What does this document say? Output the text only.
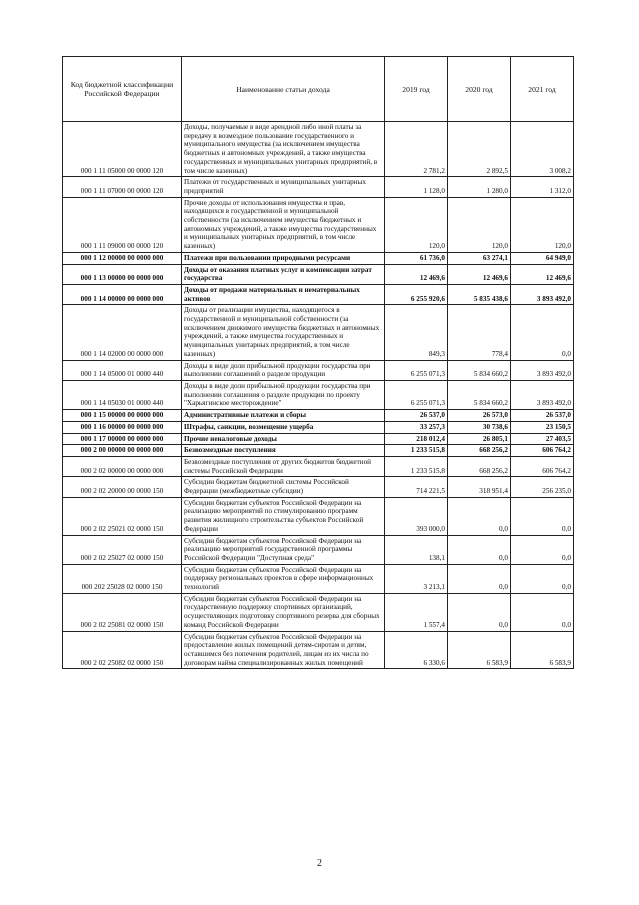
Код бюджетной классификации Российской Федерации	Наименование статьи дохода	2019 год	2020 год	2021 год
000 1 11 05000 00 0000 120	Доходы, получаемые в виде арендной либо иной платы за передачу в возмездное пользование государственного и муниципального имущества (за исключением имущества бюджетных и автономных учреждений, а также имущества государственных и муниципальных унитарных предприятий, в том числе казенных)	2 781,2	2 892,5	3 008,2
000 1 11 07000 00 0000 120	Платежи от государственных и муниципальных унитарных предприятий	1 128,0	1 280,0	1 312,0
000 1 11 09000 00 0000 120	Прочие доходы от использования имущества и прав, находящихся в государственной и муниципальной собственности (за исключением имущества бюджетных и автономных учреждений, а также имущества государственных и муниципальных унитарных предприятий, в том числе казенных)	120,0	120,0	120,0
000 1 12 00000 00 0000 000	Платежи при пользовании природными ресурсами	61 736,0	63 274,1	64 949,0
000 1 13 00000 00 0000 000	Доходы от оказания платных услуг и компенсации затрат государства	12 469,6	12 469,6	12 469,6
000 1 14 00000 00 0000 000	Доходы от продажи материальных и нематериальных активов	6 255 920,6	5 835 438,6	3 893 492,0
000 1 14 02000 00 0000 000	Доходы от реализации имущества, находящегося в государственной и муниципальной собственности (за исключением движимого имущества бюджетных и автономных учреждений, а также имущества государственных и муниципальных унитарных предприятий, в том числе казенных)	849,3	778,4	0,0
000 1 14 05000 01 0000 440	Доходы в виде доли прибыльной продукции государства при выполнении соглашений о разделе продукции	6 255 071,3	5 834 660,2	3 893 492,0
000 1 14 05030 01 0000 440	Доходы в виде доли прибыльной продукции государства при выполнении соглашения о разделе продукции по проекту "Харьягинское месторождение"	6 255 071,3	5 834 660,2	3 893 492,0
000 1 15 00000 00 0000 000	Административные платежи и сборы	26 537,0	26 573,0	26 537,0
000 1 16 00000 00 0000 000	Штрафы, санкции, возмещение ущерба	33 257,3	30 738,6	23 150,5
000 1 17 00000 00 0000 000	Прочие неналоговые доходы	218 012,4	26 805,1	27 403,5
000 2 00 00000 00 0000 000	Безвозмездные поступления	1 233 515,8	668 256,2	606 764,2
000 2 02 00000 00 0000 000	Безвозмездные поступления от других бюджетов бюджетной системы Российской Федерации	1 233 515,8	668 256,2	606 764,2
000 2 02 20000 00 0000 150	Субсидии бюджетам бюджетной системы Российской Федерации (межбюджетные субсидии)	714 221,5	318 951,4	256 235,0
000 2 02 25021 02 0000 150	Субсидии бюджетам субъектов Российской Федерации на реализацию мероприятий по стимулированию программ развития жилищного строительства субъектов Российской Федерации	393 000,0	0,0	0,0
000 2 02 25027 02 0000 150	Субсидии бюджетам субъектов Российской Федерации на реализацию мероприятий государственной программы Российской Федерации "Доступная среда"	138,1	0,0	0,0
000 202 25028 02 0000 150	Субсидии бюджетам субъектов Российской Федерации на поддержку региональных проектов в сфере информационных технологий	3 213,1	0,0	0,0
000 2 02 25081 02 0000 150	Субсидии бюджетам субъектов Российской Федерации на государственную поддержку спортивных организаций, осуществляющих подготовку спортивного резерва для сборных команд Российской Федерации	1 557,4	0,0	0,0
000 2 02 25082 02 0000 150	Субсидии бюджетам субъектов Российской Федерации на предоставление жилых помещений детям-сиротам и детям, оставшимся без попечения родителей, лицам из их числа по договорам найма специализированных жилых помещений	6 330,6	6 583,9	6 583,9
2
